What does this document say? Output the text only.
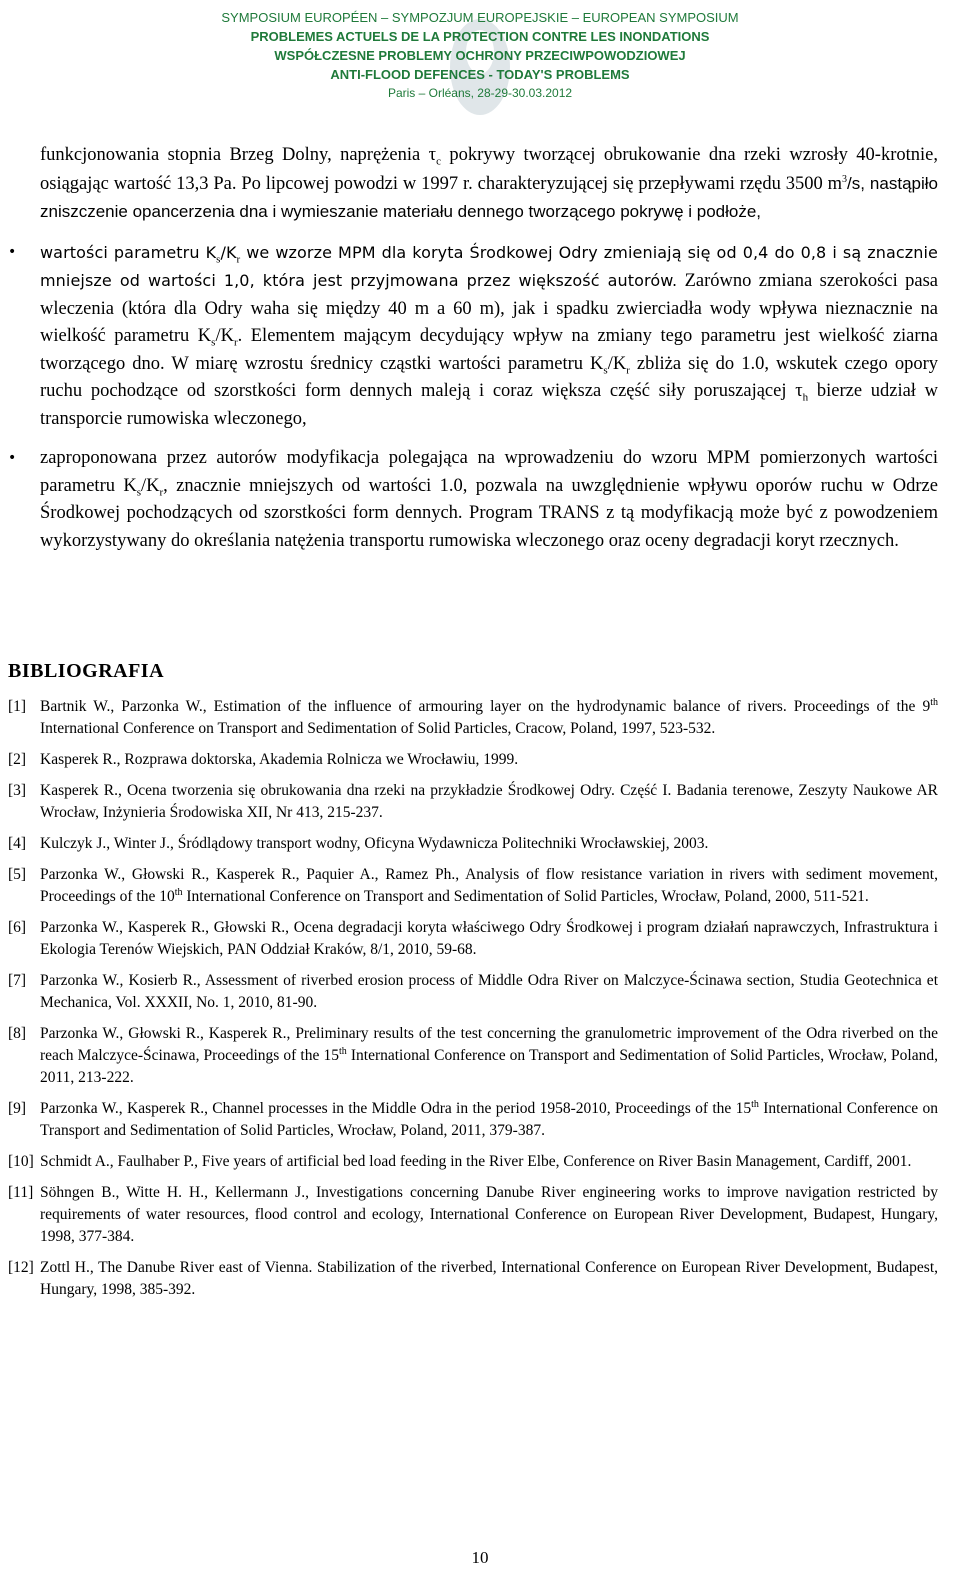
SYMPOSIUM EUROPÉEN – SYMPOZJUM EUROPEJSKIE – EUROPEAN SYMPOSIUM
PROBLEMES ACTUELS DE LA PROTECTION CONTRE LES INONDATIONS
WSPÓŁCZESNE PROBLEMY OCHRONY PRZECIWPOWODZIOWEJ
ANTI-FLOOD DEFENCES - TODAY'S PROBLEMS
Paris – Orléans, 28-29-30.03.2012

funkcjonowania stopnia Brzeg Dolny, naprężenia $\tau_c$ pokrywy tworzącej obrukowanie dna rzeki wzrosły 40-krotnie, osiągając wartość 13,3 Pa. Po lipcowej powodzi w 1997 r. charakteryzującej się przepływami rzędu 3500 $m^3/s$, nastąpiło zniszczenie opancerzenia dna i wymieszanie materiału dennego tworzącego pokrywę i podłoże,

• wartości parametru $K_s/K_r$ we wzorze MPM dla koryta Środkowej Odry zmieniają się od 0,4 do 0,8 i są znacznie mniejsze od wartości 1,0, która jest przyjmowana przez większość autorów. Zarówno zmiana szerokości pasa wleczenia (która dla Odry waha się między 40 m a 60 m), jak i spadku zwierciadła wody wpływa nieznacznie na wielkość parametru $K_s/K_r$. Elementem mającym decydujący wpływ na zmiany tego parametru jest wielkość ziarna tworzącego dno. W miarę wzrostu średnicy cząstki wartości parametru $K_s/K_r$ zbliża się do 1.0, wskutek czego opory ruchu pochodzące od szorstkości form dennych maleją i coraz większa część siły poruszającej $\tau_h$ bierze udział w transporcie rumowiska wleczonego,

• zaproponowana przez autorów modyfikacja polegająca na wprowadzeniu do wzoru MPM pomierzonych wartości parametru $K_s/K_r$, znacznie mniejszych od wartości 1.0, pozwala na uwzględnienie wpływu oporów ruchu w Odrze Środkowej pochodzących od szorstkości form dennych. Program TRANS z tą modyfikacją może być z powodzeniem wykorzystywany do określania natężenia transportu rumowiska wleczonego oraz oceny degradacji koryt rzecznych.

BIBLIOGRAFIA
[1] Bartnik W., Parzonka W., Estimation of the influence of armouring layer on the hydrodynamic balance of rivers. Proceedings of the 9th International Conference on Transport and Sedimentation of Solid Particles, Cracow, Poland, 1997, 523-532.
[2] Kasperek R., Rozprawa doktorska, Akademia Rolnicza we Wrocławiu, 1999.
[3] Kasperek R., Ocena tworzenia się obrukowania dna rzeki na przykładzie Środkowej Odry. Część I. Badania terenowe, Zeszyty Naukowe AR Wrocław, Inżynieria Środowiska XII, Nr 413, 215-237.
[4] Kulczyk J., Winter J., Śródlądowy transport wodny, Oficyna Wydawnicza Politechniki Wrocławskiej, 2003.
[5] Parzonka W., Głowski R., Kasperek R., Paquier A., Ramez Ph., Analysis of flow resistance variation in rivers with sediment movement, Proceedings of the 10th International Conference on Transport and Sedimentation of Solid Particles, Wrocław, Poland, 2000, 511-521.
[6] Parzonka W., Kasperek R., Głowski R., Ocena degradacji koryta właściwego Odry Środkowej i program działań naprawczych, Infrastruktura i Ekologia Terenów Wiejskich, PAN Oddział Kraków, 8/1, 2010, 59-68.
[7] Parzonka W., Kosierb R., Assessment of riverbed erosion process of Middle Odra River on Malczyce-Ścinawa section, Studia Geotechnica et Mechanica, Vol. XXXII, No. 1, 2010, 81-90.
[8] Parzonka W., Głowski R., Kasperek R., Preliminary results of the test concerning the granulometric improvement of the Odra riverbed on the reach Malczyce-Ścinawa, Proceedings of the 15th International Conference on Transport and Sedimentation of Solid Particles, Wrocław, Poland, 2011, 213-222.
[9] Parzonka W., Kasperek R., Channel processes in the Middle Odra in the period 1958-2010, Proceedings of the 15th International Conference on Transport and Sedimentation of Solid Particles, Wrocław, Poland, 2011, 379-387.
[10] Schmidt A., Faulhaber P., Five years of artificial bed load feeding in the River Elbe, Conference on River Basin Management, Cardiff, 2001.
[11] Söhngen B., Witte H. H., Kellermann J., Investigations concerning Danube River engineering works to improve navigation restricted by requirements of water resources, flood control and ecology, International Conference on European River Development, Budapest, Hungary, 1998, 377-384.
[12] Zottl H., The Danube River east of Vienna. Stabilization of the riverbed, International Conference on European River Development, Budapest, Hungary, 1998, 385-392.
10
